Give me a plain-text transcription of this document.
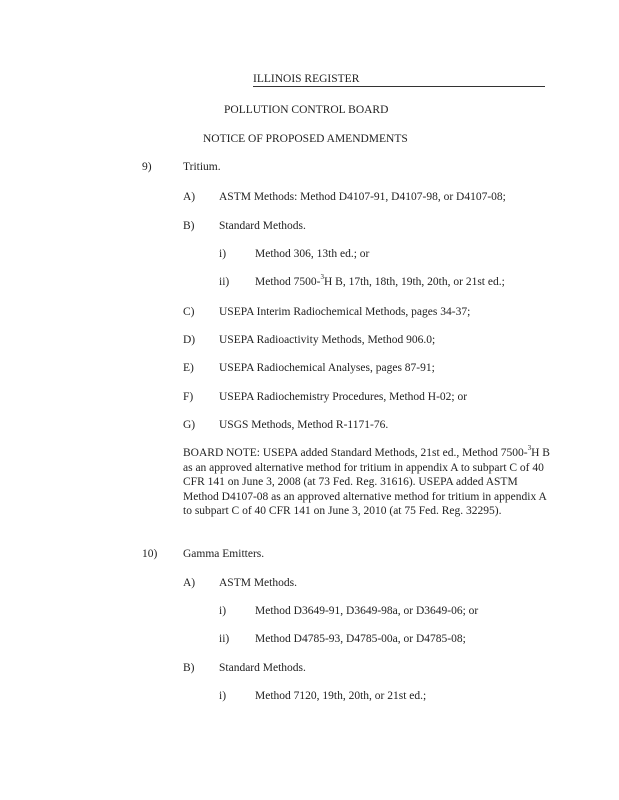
ILLINOIS REGISTER
POLLUTION CONTROL BOARD
NOTICE OF PROPOSED AMENDMENTS
9)	Tritium.
A) ASTM Methods: Method D4107-91, D4107-98, or D4107-08;
B) Standard Methods.
i)	Method 306, 13th ed.; or
ii) Method 7500-$^3$H B, 17th, 18th, 19th, 20th, or 21st ed.;
C) USEPA Interim Radiochemical Methods, pages 34-37;
D) USEPA Radioactivity Methods, Method 906.0;
E) USEPA Radiochemical Analyses, pages 87-91;
F) USEPA Radiochemistry Procedures, Method H-02; or
G) USGS Methods, Method R-1171-76.
BOARD NOTE: USEPA added Standard Methods, 21st ed., Method 7500-$^3$H B as an approved alternative method for tritium in appendix A to subpart C of 40 CFR 141 on June 3, 2008 (at 73 Fed. Reg. 31616). USEPA added ASTM Method D4107-08 as an approved alternative method for tritium in appendix A to subpart C of 40 CFR 141 on June 3, 2010 (at 75 Fed. Reg. 32295).
10) Gamma Emitters.
A) ASTM Methods.
i)	Method D3649-91, D3649-98a, or D3649-06; or
ii) Method D4785-93, D4785-00a, or D4785-08;
B) Standard Methods.
i)	Method 7120, 19th, 20th, or 21st ed.;
